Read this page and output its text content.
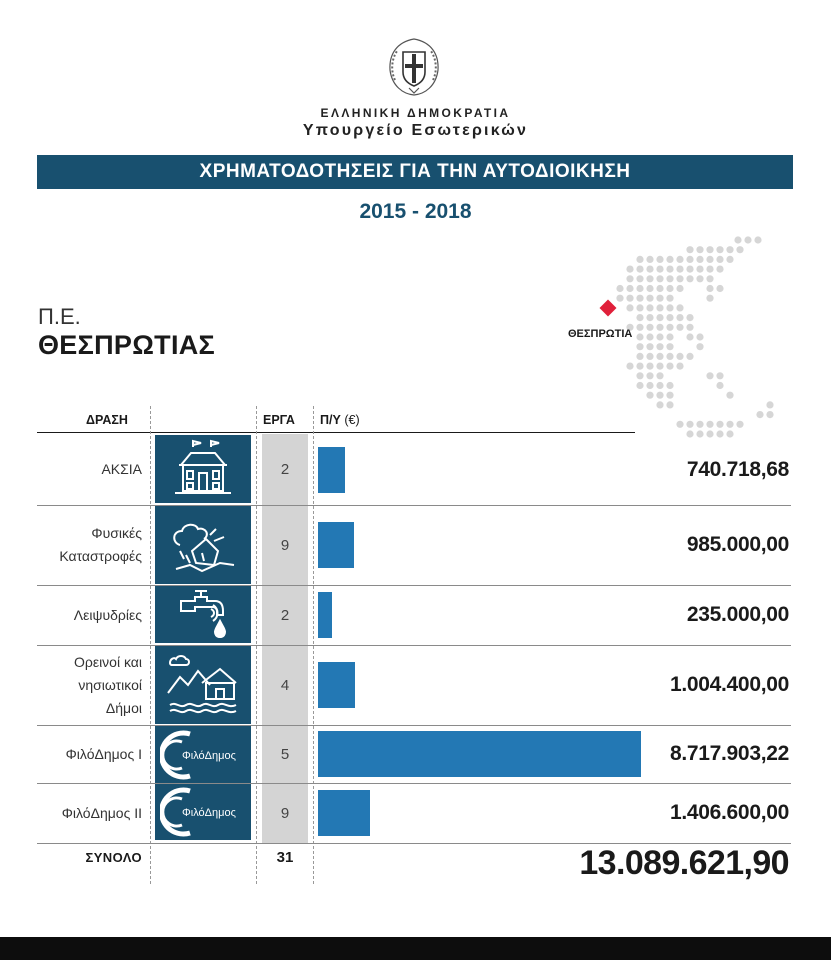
ΕΛΛΗΝΙΚΗ ΔΗΜΟΚΡΑΤΙΑ
Υπουργείο Εσωτερικών
ΧΡΗΜΑΤΟΔΟΤΗΣΕΙΣ ΓΙΑ ΤΗΝ ΑΥΤΟΔΙΟΙΚΗΣΗ
2015 - 2018
Π.Ε.
ΘΕΣΠΡΩΤΙΑΣ	ΘΕΣΠΡΩΤΙΑ
ΔΡΑΣΗ	ΕΡΓΑ Π/Υ (€)
ΑΚΣΙΑ	2	740.718,68
Φυσικές
Καταστροφές
9	985.000,00
Λειψυδρίες	2	235.000,00
Ορεινοί και
νησιωτικοί
Δήμοι
4	1.004.400,00
ΦιλόΔημος Ι	ΦιλόΔημος	5	8.717.903,22
ΦιλόΔημος ΙΙ	ΦιλόΔημος	9	1.406.600,00
ΣΥΝΟΛΟ	31	13.089.621,90
